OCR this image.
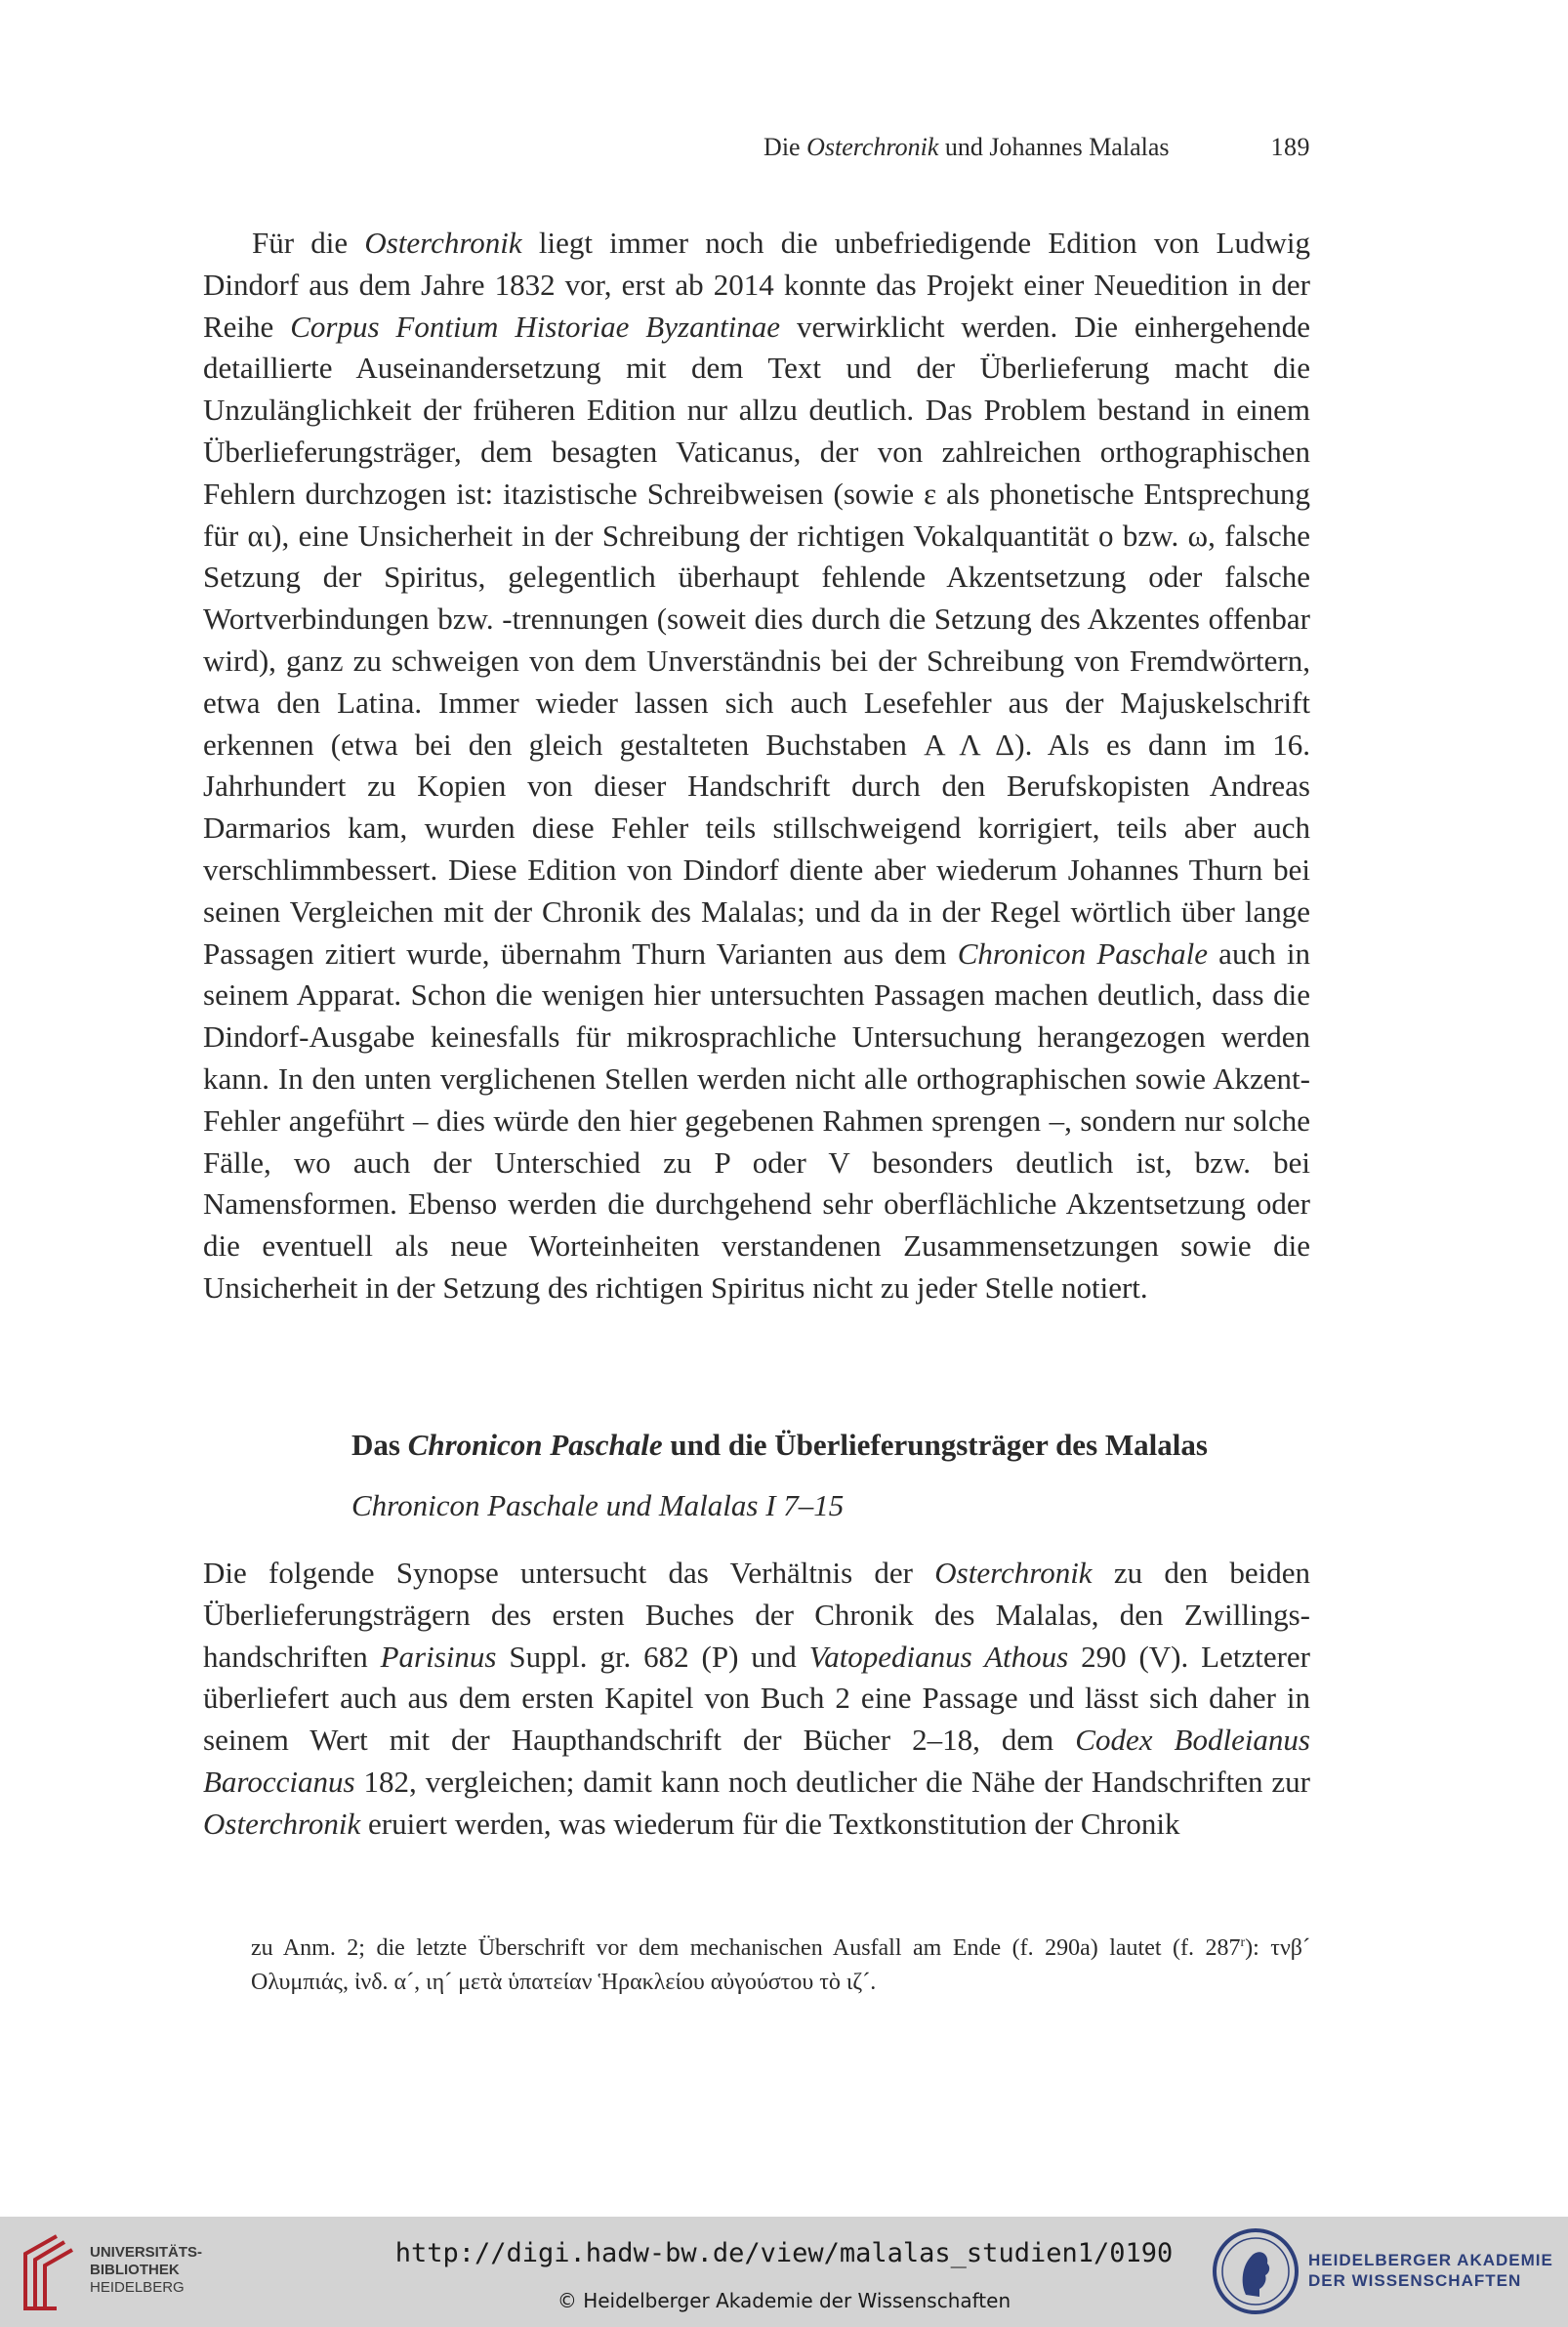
Die Osterchronik und Johannes Malalas	189

Für die Osterchronik liegt immer noch die unbefriedigende Edition von Ludwig Dindorf aus dem Jahre 1832 vor, erst ab 2014 konnte das Projekt einer Neuedition in der Reihe Corpus Fontium Historiae Byzantinae verwirklicht werden. Die einhergehende detaillierte Auseinandersetzung mit dem Text und der Überlieferung macht die Unzulänglichkeit der früheren Edition nur allzu deutlich. Das Problem bestand in einem Überlieferungsträger, dem besagten Vaticanus, der von zahlreichen orthographischen Fehlern durchzogen ist: itazistische Schreibweisen (sowie ε als phonetische Entsprechung für αι), eine Unsicherheit in der Schreibung der richtigen Vokalquantität ο bzw. ω, falsche Setzung der Spiritus, gelegentlich überhaupt fehlende Akzentsetzung oder falsche Wortverbindungen bzw. -trennungen (soweit dies durch die Setzung des Akzentes offenbar wird), ganz zu schweigen von dem Unverständnis bei der Schreibung von Fremdwörtern, etwa den Latina. Immer wieder lassen sich auch Lesefehler aus der Majuskelschrift erkennen (etwa bei den gleich gestalteten Buchstaben Α Λ Δ). Als es dann im 16. Jahrhundert zu Kopien von dieser Handschrift durch den Berufskopisten Andreas Darmarios kam, wurden diese Fehler teils stillschweigend korrigiert, teils aber auch verschlimmbessert. Diese Edition von Dindorf diente aber wiederum Johannes Thurn bei seinen Vergleichen mit der Chronik des Malalas; und da in der Regel wörtlich über lange Passagen zitiert wurde, übernahm Thurn Varianten aus dem Chronicon Paschale auch in seinem Apparat. Schon die wenigen hier untersuchten Passagen machen deutlich, dass die Dindorf-Ausgabe keinesfalls für mikrosprachliche Untersuchung herangezogen werden kann. In den unten verglichenen Stellen werden nicht alle orthographischen sowie Akzent-Fehler angeführt – dies würde den hier gegebenen Rahmen sprengen –, sondern nur solche Fälle, wo auch der Unterschied zu P oder V besonders deutlich ist, bzw. bei Namensformen. Ebenso werden die durchgehend sehr oberflächliche Akzentsetzung oder die eventuell als neue Worteinheiten verstandenen Zusammensetzungen sowie die Unsicherheit in der Setzung des richtigen Spiritus nicht zu jeder Stelle notiert.

Das Chronicon Paschale und die Überlieferungsträger des Malalas
Chronicon Paschale und Malalas I 7–15

Die folgende Synopse untersucht das Verhältnis der Osterchronik zu den beiden Überlieferungsträgern des ersten Buches der Chronik des Malalas, den Zwillingshandschriften Parisinus Suppl. gr. 682 (P) und Vatopedianus Athous 290 (V). Letzterer überliefert auch aus dem ersten Kapitel von Buch 2 eine Passage und lässt sich daher in seinem Wert mit der Haupthandschrift der Bücher 2–18, dem Codex Bodleianus Baroccianus 182, vergleichen; damit kann noch deutlicher die Nähe der Handschriften zur Osterchronik eruiert werden, was wiederum für die Textkonstitution der Chronik

zu Anm. 2; die letzte Überschrift vor dem mechanischen Ausfall am Ende (f. 290a) lautet (f. 287$^r$): τνβ´ Ολυμπιάς, ἰνδ. α´, ιη´ μετὰ ὑπατείαν Ἡρακλείου αὐγούστου τὸ ιζ´.

UNIVERSITÄTS-
BIBLIOTHEK
HEIDELBERG
http://digi.hadw-bw.de/view/malalas_studien1/0190
© Heidelberger Akademie der Wissenschaften
HEIDELBERGER AKADEMIE
DER WISSENSCHAFTEN
